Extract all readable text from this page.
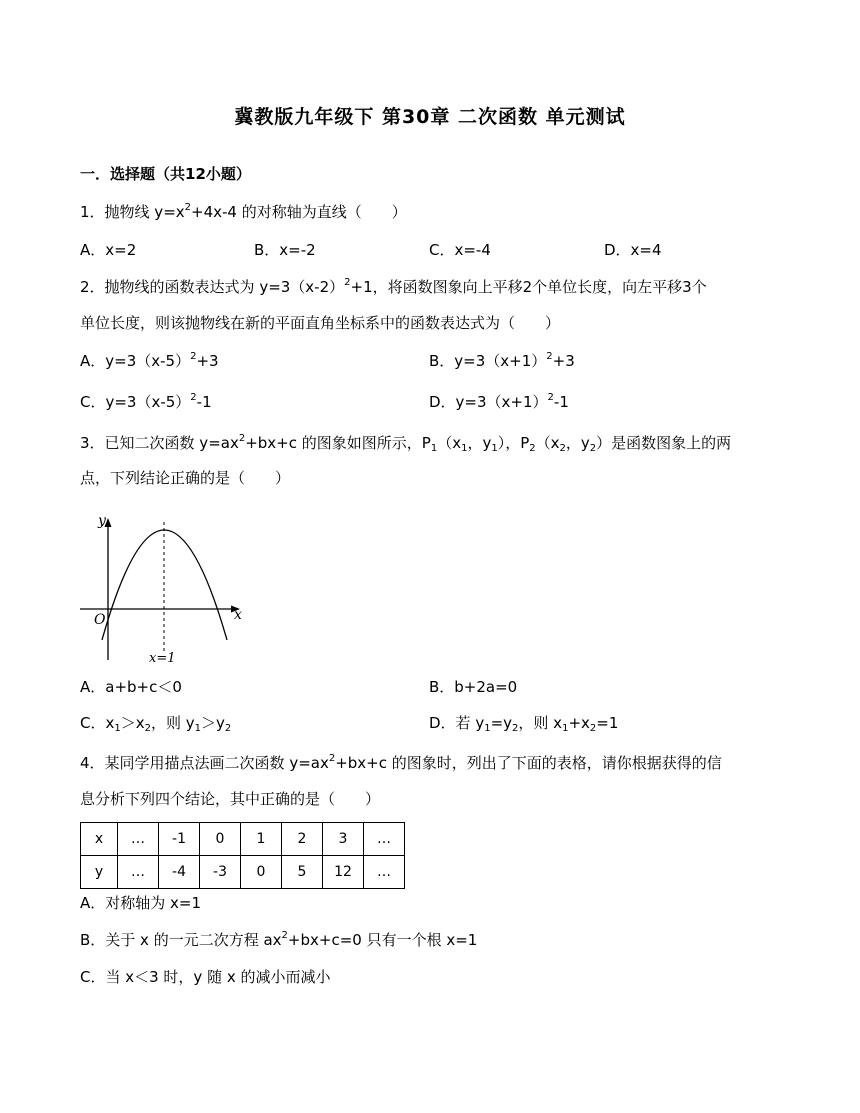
冀教版九年级下 第30章 二次函数 单元测试
一．选择题（共12小题）
1．抛物线 $y=x^2+4x-4$ 的对称轴为直线（　　）
A．x=2	B．x=-2	C．x=-4	D．x=4
2．抛物线的函数表达式为 $y=3(x-2)^2+1$，将函数图象向上平移2个单位长度，向左平移3个
单位长度，则该抛物线在新的平面直角坐标系中的函数表达式为（　　）
A．$y=3(x-5)^2+3$	B．$y=3(x+1)^2+3$
C．$y=3(x-5)^2-1$	D．$y=3(x+1)^2-1$
3．已知二次函数 $y=ax^2+bx+c$ 的图象如图所示，$P_1(x_1$，$y_1$），$P_2(x_2$，$y_2$）是函数图象上的两
点，下列结论正确的是（　　）
y
x
O
x=1
A．a+b+c＜0	B．b+2a=0
C．$x_1>x_2$，则 $y_1>y_2$	D．若 $y_1=y_2$，则 $x_1+x_2=1$
4．某同学用描点法画二次函数 $y=ax^2+bx+c$ 的图象时，列出了下面的表格，请你根据获得的信
息分析下列四个结论，其中正确的是（　　）
x	…	-1	0	1	2	3	…
y	…	-4	-3	0	5	12	…
A．对称轴为 x=1
B．关于 x 的一元二次方程 $ax^2+bx+c=0$ 只有一个根 x=1
C．当 x＜3 时，y 随 x 的减小而减小
